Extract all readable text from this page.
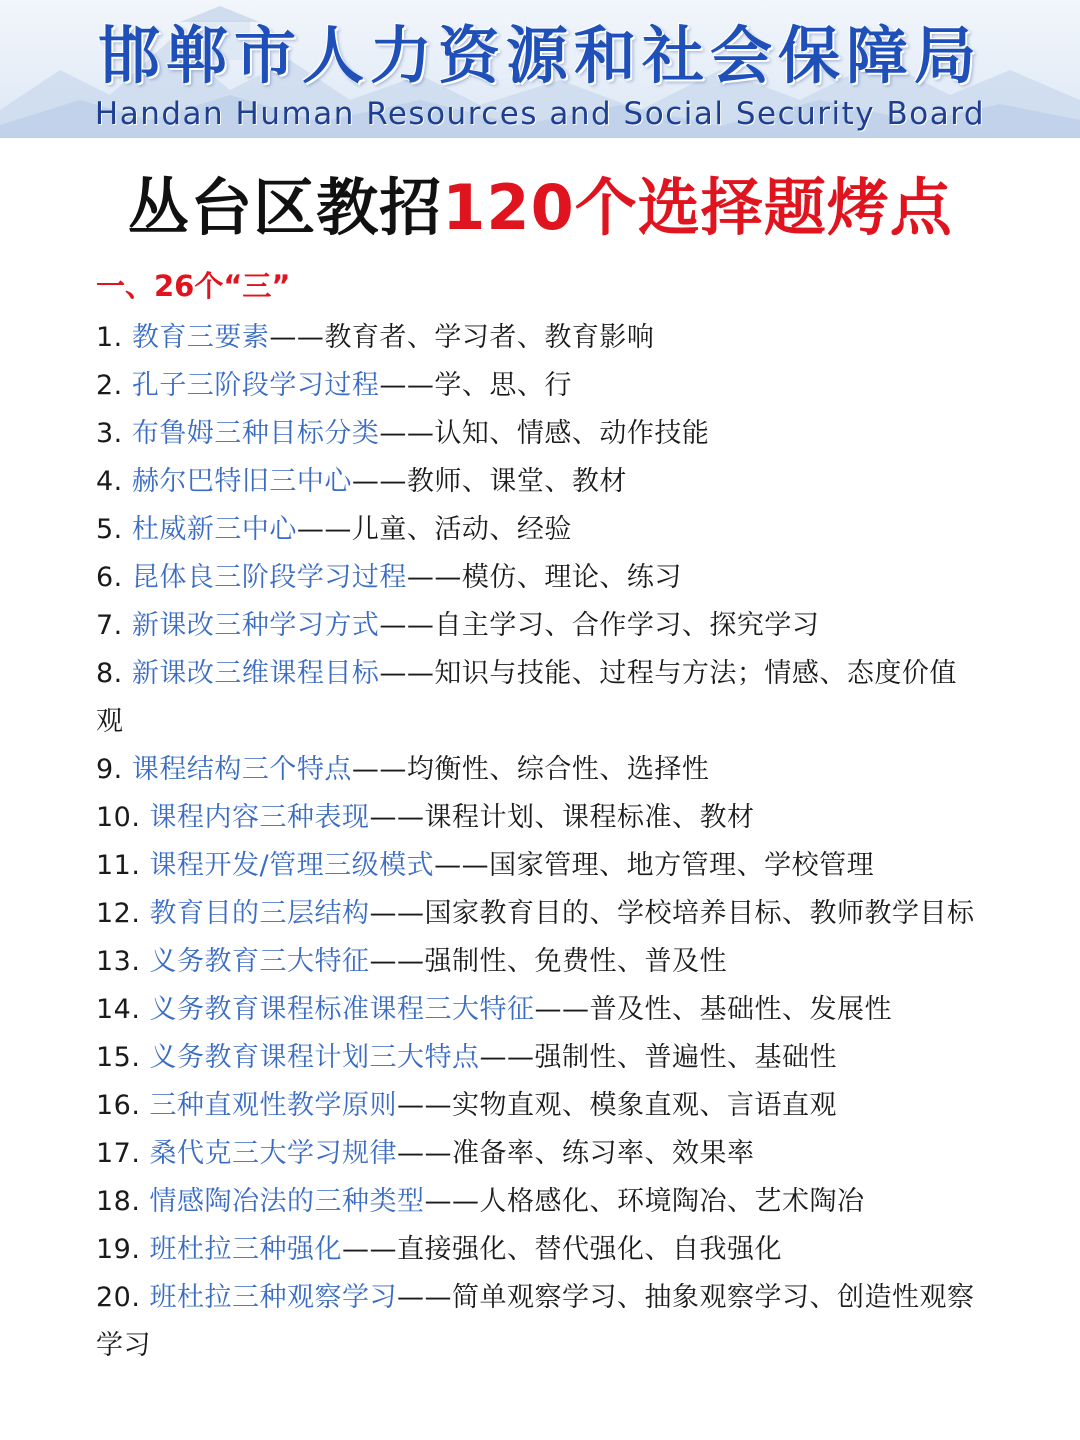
邯郸市人力资源和社会保障局
Handan Human Resources and Social Security Board
丛台区教招120个选择题烤点
一、26个“三”
1. 教育三要素——教育者、学习者、教育影响
2. 孔子三阶段学习过程——学、思、行
3. 布鲁姆三种目标分类——认知、情感、动作技能
4. 赫尔巴特旧三中心——教师、课堂、教材
5. 杜威新三中心——儿童、活动、经验
6. 昆体良三阶段学习过程——模仿、理论、练习
7. 新课改三种学习方式——自主学习、合作学习、探究学习
8. 新课改三维课程目标——知识与技能、过程与方法；情感、态度价值观
9. 课程结构三个特点——均衡性、综合性、选择性
10. 课程内容三种表现——课程计划、课程标准、教材
11. 课程开发/管理三级模式——国家管理、地方管理、学校管理
12. 教育目的三层结构——国家教育目的、学校培养目标、教师教学目标
13. 义务教育三大特征——强制性、免费性、普及性
14. 义务教育课程标准课程三大特征——普及性、基础性、发展性
15. 义务教育课程计划三大特点——强制性、普遍性、基础性
16. 三种直观性教学原则——实物直观、模象直观、言语直观
17. 桑代克三大学习规律——准备率、练习率、效果率
18. 情感陶冶法的三种类型——人格感化、环境陶冶、艺术陶冶
19. 班杜拉三种强化——直接强化、替代强化、自我强化
20. 班杜拉三种观察学习——简单观察学习、抽象观察学习、创造性观察学习
